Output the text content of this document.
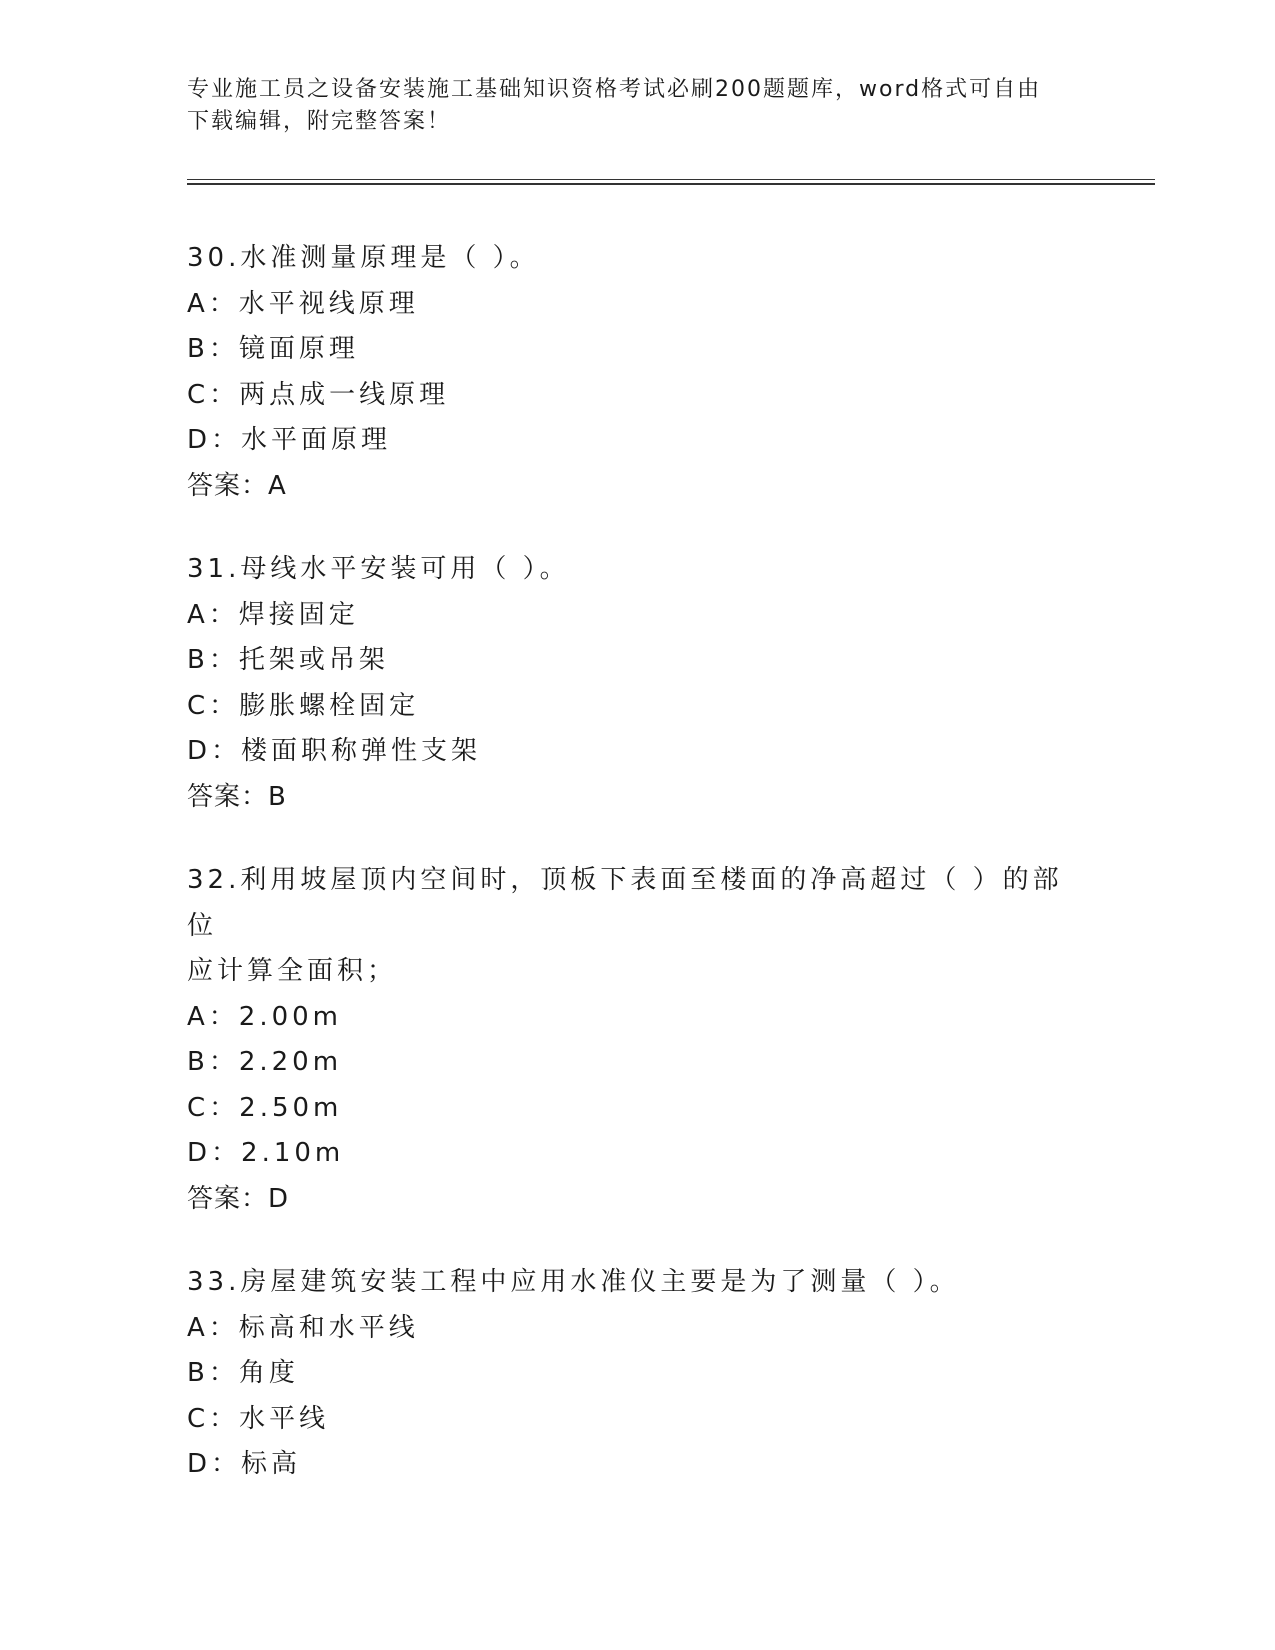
专业施工员之设备安装施工基础知识资格考试必刷200题题库，word格式可自由
下载编辑，附完整答案！
30.水准测量原理是（ ）。
A：水平视线原理
B：镜面原理
C：两点成一线原理
D：水平面原理
答案：A
31.母线水平安装可用（ ）。
A：焊接固定
B：托架或吊架
C：膨胀螺栓固定
D：楼面职称弹性支架
答案：B
32.利用坡屋顶内空间时，顶板下表面至楼面的净高超过（ ）的部位
应计算全面积；
A：2.00m
B：2.20m
C：2.50m
D：2.10m
答案：D
33.房屋建筑安装工程中应用水准仪主要是为了测量（ ）。
A：标高和水平线
B：角度
C：水平线
D：标高
